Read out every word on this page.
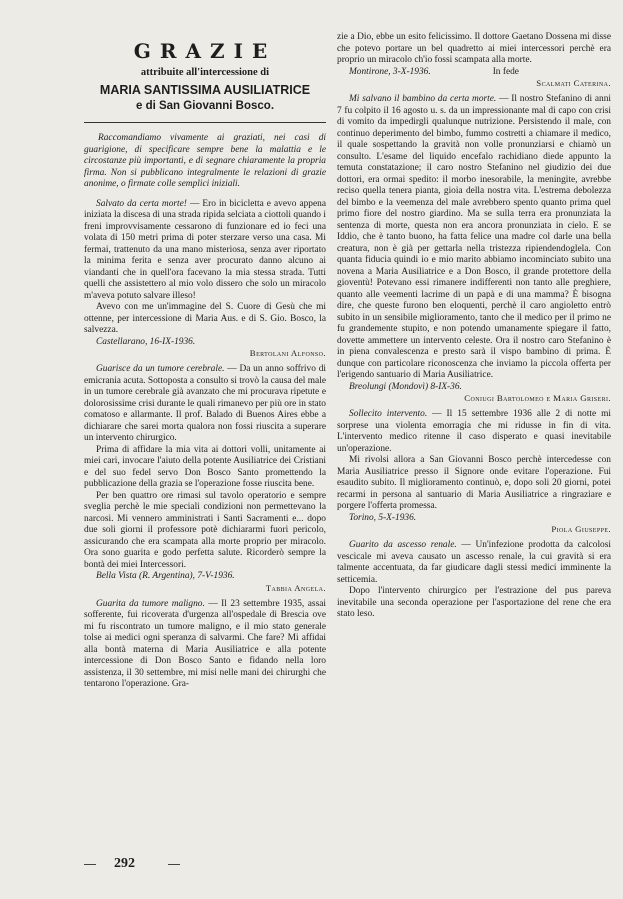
GRAZIE
attribuite all'intercessione di
MARIA SANTISSIMA AUSILIATRICE
e di San Giovanni Bosco.

Raccomandiamo vivamente ai graziati, nei casi di guarigione, di specificare sempre bene la malattia e le circostanze più importanti, e di segnare chiaramente la propria firma. Non si pubblicano integralmente le relazioni di grazie anonime, o firmate colle semplici iniziali.

Salvato da certa morte! — Ero in bicicletta e avevo appena iniziata la discesa di una strada ripida selciata a ciottoli quando i freni improvvisamente cessarono di funzionare ed io feci una volata di 150 metri prima di poter sterzare verso una casa. Mi fermai, trattenuto da una mano misteriosa, senza aver riportato la minima ferita e senza aver procurato danno alcuno ai viandanti che in quell'ora facevano la mia stessa strada. Tutti quelli che assistettero al mio volo dissero che solo un miracolo m'aveva potuto salvare illeso!

Avevo con me un'immagine del S. Cuore di Gesù che mi ottenne, per intercessione di Maria Aus. e di S. Gio. Bosco, la salvezza.

Castellarano, 16-IX-1936.

Bertolani Alfonso.

Guarisce da un tumore cerebrale. — Da un anno soffrivo di emicrania acuta. Sottoposta a consulto si trovò la causa del male in un tumore cerebrale già avanzato che mi procurava ripetute e dolorosissime crisi durante le quali rimanevo per più ore in stato comatoso e allarmante. Il prof. Balado di Buenos Aires ebbe a dichiarare che sarei morta qualora non fossi riuscita a superare un intervento chirurgico.

Prima di affidare la mia vita ai dottori volli, unitamente ai miei cari, invocare l'aiuto della potente Ausiliatrice dei Cristiani e del suo fedel servo Don Bosco Santo promettendo la pubblicazione della grazia se l'operazione fosse riuscita bene.

Per ben quattro ore rimasi sul tavolo operatorio e sempre sveglia perchè le mie speciali condizioni non permettevano la narcosi. Mi vennero amministrati i Santi Sacramenti e... dopo due soli giorni il professore potè dichiararmi fuori pericolo, assicurando che era scampata alla morte proprio per miracolo. Ora sono guarita e godo perfetta salute. Ricorderò sempre la bontà dei miei Intercessori.

Bella Vista (R. Argentina), 7-V-1936.

Tabbia Angela.

Guarita da tumore maligno. — Il 23 settembre 1935, assai sofferente, fui ricoverata d'urgenza all'ospedale di Brescia ove mi fu riscontrato un tumore maligno, e il mio stato generale tolse ai medici ogni speranza di salvarmi. Che fare? Mi affidai alla bontà materna di Maria Ausiliatrice e alla potente intercessione di Don Bosco Santo e fidando nella loro assistenza, il 30 settembre, mi misi nelle mani dei chirurghi che tentarono l'operazione. Gra-

zie a Dio, ebbe un esito felicissimo. Il dottore Gaetano Dossena mi disse che potevo portare un bel quadretto ai miei intercessori perchè era proprio un miracolo ch'io fossi scampata alla morte.

Montirone, 3-X-1936.	In fede
Scalmati Caterina.

Mi salvano il bambino da certa morte. — Il nostro Stefanino di anni 7 fu colpito il 16 agosto u. s. da un impressionante mal di capo con crisi di vomito da impedirgli qualunque nutrizione. Persistendo il male, con continuo deperimento del bimbo, fummo costretti a chiamare il medico, il quale sospettando la gravità non volle pronunziarsi e chiamò un consulto. L'esame del liquido encefalo rachidiano diede appunto la temuta constatazione; il caro nostro Stefanino nel giudizio dei due dottori, era ormai spedito: il morbo inesorabile, la meningite, avrebbe reciso quella tenera pianta, gioia della nostra vita. L'estrema debolezza del bimbo e la veemenza del male avrebbero spento quanto prima quel primo fiore del nostro giardino. Ma se sulla terra era pronunziata la sentenza di morte, questa non era ancora pronunziata in cielo. E se Iddio, che è tanto buono, ha fatta felice una madre col darle una bella creatura, non è già per gettarla nella tristezza ripiendendoglela. Con quanta fiducia quindi io e mio marito abbiamo incominciato subito una novena a Maria Ausiliatrice e a Don Bosco, il grande protettore della gioventù! Potevano essi rimanere indifferenti non tanto alle preghiere, quanto alle veementi lacrime di un papà e di una mamma? È bisogna dire, che queste furono ben eloquenti, perchè il caro angioletto entrò subito in un sensibile miglioramento, tanto che il medico per il primo ne fu grandemente stupito, e non potendo umanamente spiegare il fatto, dovette ammettere un intervento celeste. Ora il nostro caro Stefanino è in piena convalescenza e presto sarà il vispo bambino di prima. È dunque con particolare riconoscenza che inviamo la piccola offerta per l'erigendo santuario di Maria Ausiliatrice.

Breolungi (Mondovì) 8-IX-36.

Coniugi Bartolomeo e Maria Griseri.

Sollecito intervento. — Il 15 settembre 1936 alle 2 di notte mi sorprese una violenta emorragia che mi ridusse in fin di vita. L'intervento medico ritenne il caso disperato e quasi inevitabile un'operazione.

Mi rivolsi allora a San Giovanni Bosco perchè intercedesse con Maria Ausiliatrice presso il Signore onde evitare l'operazione. Fui esaudito subito. Il miglioramento continuò, e, dopo soli 20 giorni, potei recarmi in persona al santuario di Maria Ausiliatrice a ringraziare e porgere l'offerta promessa.

Torino, 5-X-1936.

Piola Giuseppe.

Guarito da ascesso renale. — Un'infezione prodotta da calcolosi vescicale mi aveva causato un ascesso renale, la cui gravità si era talmente accentuata, da far giudicare dagli stessi medici imminente la setticemia.

Dopo l'intervento chirurgico per l'estrazione del pus pareva inevitabile una seconda operazione per l'asportazione del rene che era stato leso.

292
